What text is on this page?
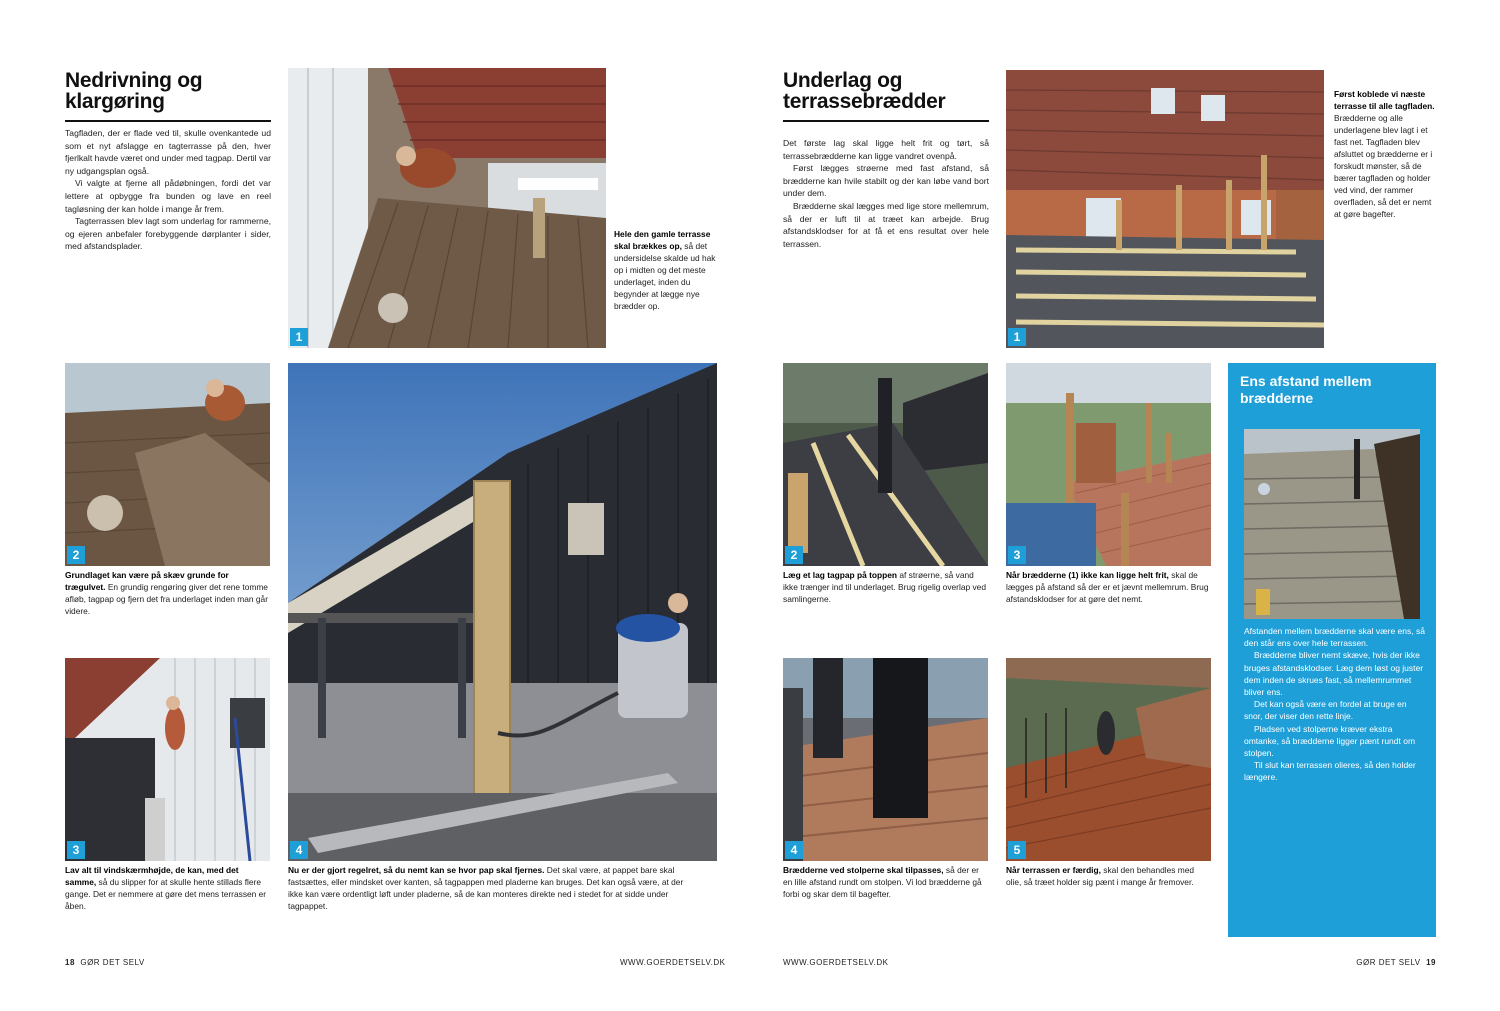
Nedrivning og klargøring

Tagfladen, der er flade ved til, skulle ovenkantede ud som et nyt afslagge en tagterrasse på den, hver fjerlkalt havde været ond under med tagpap. Dertil var ny udgangsplan også.

Vi valgte at fjerne all pådøbningen, fordi det var lettere at opbygge fra bunden og lave en reel tagløsning der kan holde i mange år frem.

Tagterrassen blev lagt som underlag for rammerne, og ejeren anbefaler forebyggende dørplanter i sider, med afstandsplader.

1
Hele den gamle terrasse skal brækkes op, så det undersidelse skalde ud hak op i midten og det meste underlaget, inden du begynder at lægge nye brædder op.
2
Grundlaget kan være på skæv grunde for trægulvet. En grundig rengøring giver det rene tomme afløb, tagpap og fjern det fra underlaget inden man går videre.
3
Lav alt til vindskærmhøjde, de kan, med det samme, så du slipper for at skulle hente stillads flere gange. Det er nemmere at gøre det mens terrassen er åben.
4
Nu er der gjort regelret, så du nemt kan se hvor pap skal fjernes. Det skal være, at pappet bare skal fastsættes, eller mindsket over kanten, så tagpappen med pladerne kan bruges. Det kan også være, at der ikke kan være ordentligt løft under pladerne, så de kan monteres direkte ned i stedet for at sidde under tagpappet.
18 GØR DET SELV	WWW.GOERDETSELV.DK
Underlag og terrassebrædder

Det første lag skal ligge helt frit og tørt, så terrassebrædderne kan ligge vandret ovenpå.

Først lægges strøerne med fast afstand, så brædderne kan hvile stabilt og der kan løbe vand bort under dem.

Brædderne skal lægges med lige store mellemrum, så der er luft til at træet kan arbejde. Brug afstandsklodser for at få et ens resultat over hele terrassen.

1
Først koblede vi næste terrasse til alle tagfladen. Brædderne og alle underlagene blev lagt i et fast net. Tagfladen blev afsluttet og brædderne er i forskudt mønster, så de bærer tagfladen og holder ved vind, der rammer overfladen, så det er nemt at gøre bagefter.
2
Læg et lag tagpap på toppen af strøerne, så vand ikke trænger ind til underlaget. Brug rigelig overlap ved samlingerne.
3
Når brædderne (1) ikke kan ligge helt frit, skal de lægges på afstand så der er et jævnt mellemrum. Brug afstandsklodser for at gøre det nemt.
4
Brædderne ved stolperne skal tilpasses, så der er en lille afstand rundt om stolpen. Vi lod brædderne gå forbi og skar dem til bagefter.
5
Når terrassen er færdig, skal den behandles med olie, så træet holder sig pænt i mange år fremover.
Ens afstand mellem brædderne

Afstanden mellem brædderne skal være ens, så den står ens over hele terrassen.

Brædderne bliver nemt skæve, hvis der ikke bruges afstandsklodser. Læg dem løst og juster dem inden de skrues fast, så mellemrummet bliver ens.

Det kan også være en fordel at bruge en snor, der viser den rette linje.

Pladsen ved stolperne kræver ekstra omtanke, så brædderne ligger pænt rundt om stolpen.

Til slut kan terrassen olieres, så den holder længere.

WWW.GOERDETSELV.DK	GØR DET SELV 19
